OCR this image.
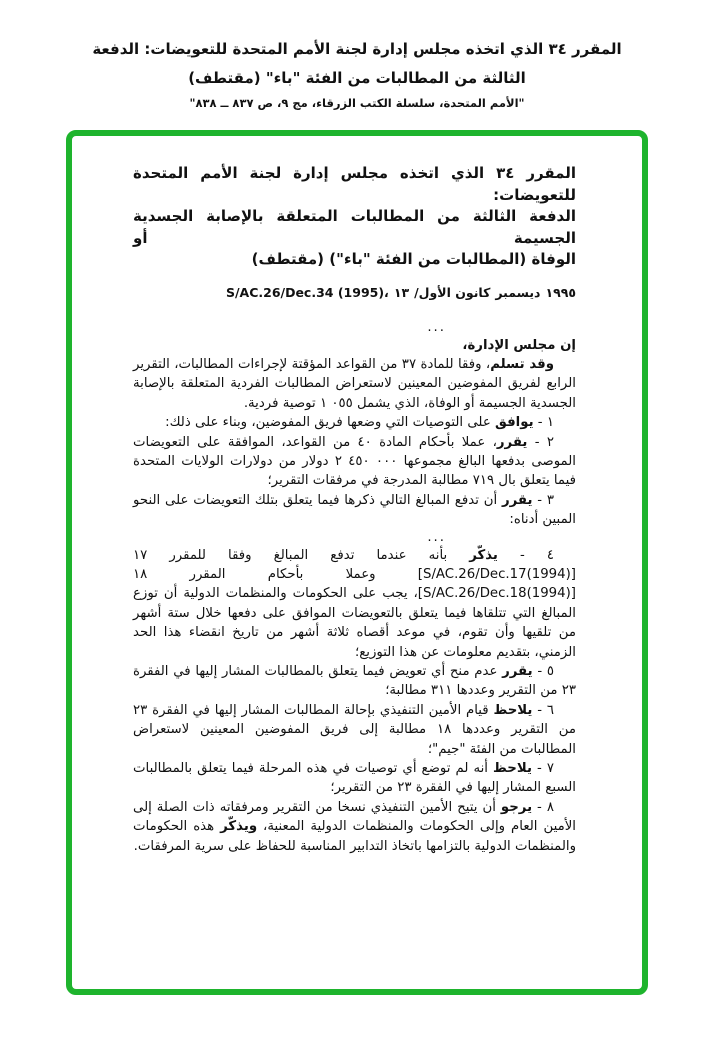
المقرر ٣٤ الذي اتخذه مجلس إدارة لجنة الأمم المتحدة للتعويضات: الدفعة
الثالثة من المطالبات من الفئة "باء" (مقتطف)
"الأمم المتحدة، سلسلة الكتب الزرقاء، مج ٩، ص ٨٣٧ ــ ٨٣٨"
المقرر ٣٤ الذي اتخذه مجلس إدارة لجنة الأمم المتحدة للتعويضات:
الدفعة الثالثة من المطالبات المتعلقة بالإصابة الجسدية الجسيمة أو
الوفاة (المطالبات من الفئة "باء") (مقتطف)
S/AC.26/Dec.34 (1995)، ١٣ كانون الأول/ ديسمبر ١٩٩٥

...

إن مجلس الإدارة،

وقد تسلم، وفقا للمادة ٣٧ من القواعد المؤقتة لإجراءات المطالبات، التقرير الرابع لفريق المفوضين المعينين لاستعراض المطالبات الفردية المتعلقة بالإصابة الجسدية الجسيمة أو الوفاة، الذي يشمل ١ ٠٥٥ توصية فردية.

١ - يوافق على التوصيات التي وضعها فريق المفوضين، وبناء على ذلك:

٢ - يقرر، عملا بأحكام المادة ٤٠ من القواعد، الموافقة على التعويضات الموصى بدفعها البالغ مجموعها ٢ ٤٥٠ ٠٠٠ دولار من دولارات الولايات المتحدة فيما يتعلق بال ٧١٩ مطالبة المدرجة في مرفقات التقرير؛

٣ - يقرر أن تدفع المبالغ التالي ذكرها فيما يتعلق بتلك التعويضات على النحو المبين أدناه:

...

٤ - يذكّر بأنه عندما تدفع المبالغ وفقا للمقرر ١٧ [S/AC.26/Dec.17(1994)] وعملا بأحكام المقرر ١٨ [S/AC.26/Dec.18(1994)]، يجب على الحكومات والمنظمات الدولية أن توزع المبالغ التي تتلقاها فيما يتعلق بالتعويضات الموافق على دفعها خلال ستة أشهر من تلقيها وأن تقوم، في موعد أقصاه ثلاثة أشهر من تاريخ انقضاء هذا الحد الزمني، بتقديم معلومات عن هذا التوزيع؛

٥ - يقرر عدم منح أي تعويض فيما يتعلق بالمطالبات المشار إليها في الفقرة ٢٣ من التقرير وعددها ٣١١ مطالبة؛

٦ - يلاحظ قيام الأمين التنفيذي بإحالة المطالبات المشار إليها في الفقرة ٢٣ من التقرير وعددها ١٨ مطالبة إلى فريق المفوضين المعينين لاستعراض المطالبات من الفئة "جيم"؛

٧ - يلاحظ أنه لم توضع أي توصيات في هذه المرحلة فيما يتعلق بالمطالبات السبع المشار إليها في الفقرة ٢٣ من التقرير؛

٨ - يرجو أن يتيح الأمين التنفيذي نسخا من التقرير ومرفقاته ذات الصلة إلى الأمين العام وإلى الحكومات والمنظمات الدولية المعنية، ويذكّر هذه الحكومات والمنظمات الدولية بالتزامها باتخاذ التدابير المناسبة للحفاظ على سرية المرفقات.
